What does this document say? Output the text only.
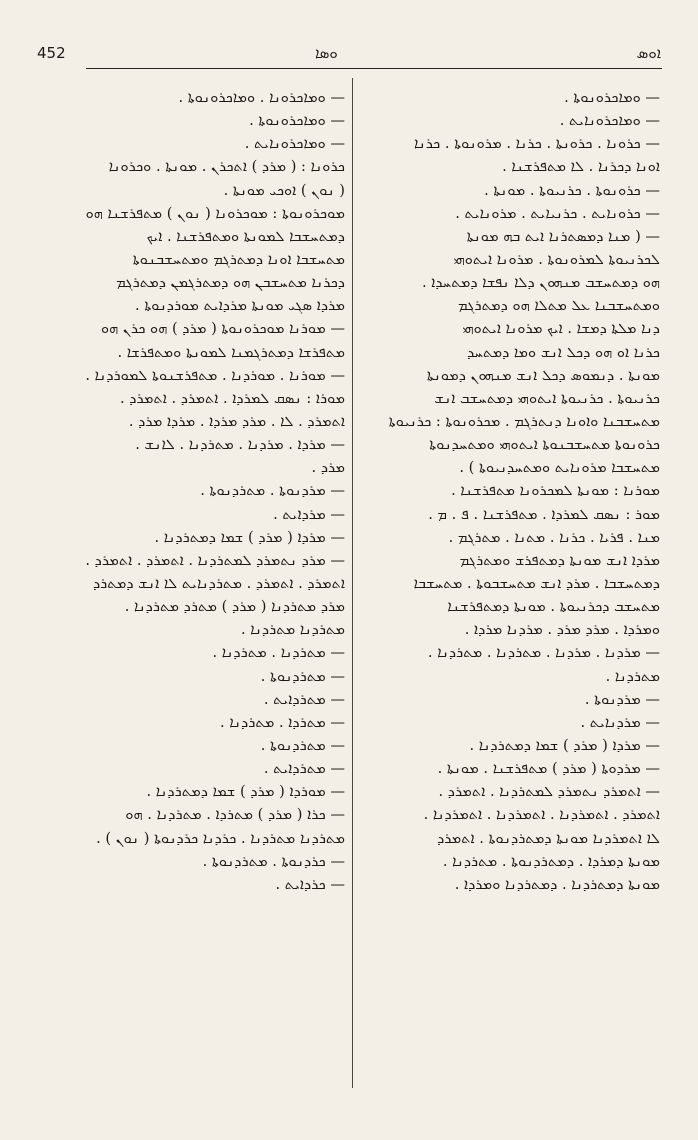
452	ܘܣܐ	ܐܘܣ
— ܘܡܐܟܪܘܢܘܬܐ .
— ܘܡܐܟܪܘܢܐܝܬ .
— ܟܪܘܢܐ . ܟܪܘܢܬܐ . ܟܪܢܐ . ܡܪܘܢܘܬܐ . ܟܪܢܐ
ܐܘܢܐ ܕܟܪܢܐ . ܠܐ ܡܬܦܪܫܢܐ .
— ܟܪܘܢܘܬܐ . ܟܪܢܝܘܬܐ . ܡܘܢܬܐ .
— ܟܪܘܢܐܝܬ . ܟܪܢܝܐܝܬ . ܡܪܘܢܐܝܬ .
— ( ܡܢܐ ܕܡܣܬܪܢܐ ܐܝܬ ܒܗ ܡܘܢܬܐ
ܠܟܪܢܝܘܬܐ ܠܡܪܘܢܘܬܐ . ܡܪܘܢܐ ܐܝܬܘܗܝ
ܗܘ ܕܡܬܚܫܒ ܡܢܗܘܢ ܕܠܐ ܢܦܫܐ ܕܡܬܚܕܐ .
ܘܡܬܚܫܒܢܐ ܥܠ ܡܬܠܐ ܗܘ ܕܡܬܪܓܡ
ܕܢܐ ܡܠܬܐ ܕܡܫܐ . ܐܝܟ ܡܪܘܢܐ ܐܝܬܘܗܝ
ܟܪܢܐ ܐܘ ܗܘ ܕܟܠ ܐܢܫ ܘܡܐ ܕܡܬܚܕ
ܡܘܢܬܐ . ܕܢܡܘܣ ܕܟܠ ܐܢܫ ܡܢܗܘܢ ܕܡܘܢܬܐ
ܟܪܢܝܘܬܐ . ܟܪܢܝܘܬܐ ܐܝܬܘܗܝ ܕܡܬܚܫܒ ܐܢܫ
ܡܬܚܫܒܢܐ ܘܐܘܢܐ ܕܢܬܪܓܡ . ܡܟܪܘܢܘܬܐ : ܟܪܢܝܘܬܐ
ܟܪܘܢܘܬܐ ܡܬܚܫܒܢܘܬܐ ܐܝܬܘܗܝ ܘܡܬܚܕܢܘܬܐ
ܡܬܚܫܒܐ ܡܪܘܢܐܝܬ ܘܡܬܚܕܢܝܘܬܐ ) .
ܡܘܪܢܐ : ܡܘܢܬܐ ܠܡܟܪܘܢܐ ܡܬܦܪܫܢܐ .
ܡܘܪ : ܢܣܩ ܠܡܪܕܐ . ܡܬܦܪܫܢܐ . ܦ . ܡ .
ܡܢܐ . ܦܪܝܐ . ܟܪܢܐ . ܡܬܢܐ . ܡܬܪܓܡ .
ܡܪܕܐ ܐܢܫ ܡܘܢܬܐ ܕܡܬܦܪܫ ܘܡܬܪܓܡ
ܕܡܬܚܫܒܐ . ܡܪܕ ܐܢܫ ܡܬܚܫܒܘܬܐ . ܡܬܚܫܒܐ
ܡܬܚܫܒ ܕܟܪܢܝܘܬܐ . ܡܘܢܬܐ ܕܡܬܦܪܫܢܐ
ܘܡܪܕܐ . ܡܪܕ ܡܪܕ . ܡܪܕܢܐ ܡܪܕܐ .
— ܡܪܕܢܐ . ܡܪܕܢܐ . ܡܬܪܕܢܐ . ܡܬܪܕܢܐ .
ܡܬܪܕܢܐ .
— ܡܪܕܢܘܬܐ .
— ܡܪܕܢܐܝܬ .
— ܡܪܕܐ ( ܡܪܕ ) ܫܡܐ ܕܡܬܪܕܢܐ .
— ܡܪܕܘܬܐ ( ܡܪܕ ) ܡܬܦܪܫܢܐ . ܡܘܢܬܐ .
— ܐܬܡܪܕ ܢܬܡܪܕ ܠܡܬܪܕܢܐ . ܐܬܡܪܕ .
ܐܬܡܪܕ . ܐܬܡܪܕܢܐ . ܐܬܡܪܕܢܐ . ܐܬܡܪܕܢܐ .
ܠܐ ܐܬܡܪܕܢܐ ܡܘܢܬܐ ܕܡܬܪܕܢܘܬܐ . ܐܬܡܪܕ
ܡܘܢܬܐ ܕܡܪܕܐ . ܕܡܬܪܕܢܘܬܐ . ܡܬܪܕܢܐ .
ܡܘܢܬܐ ܕܡܬܪܕܢܐ . ܕܡܬܪܕܢܐ ܘܡܪܕܐ .
— ܘܡܐܟܪܘܢܐ . ܘܡܐܟܪܘܢܘܬܐ .
— ܘܡܐܟܪܘܢܘܬܐ .
— ܘܡܐܟܪܘܢܐܝܬ .
ܟܪܘܢܐ : ( ܡܪܕ ) ܐܬܟܪܢ . ܡܘܢܬܐ . ܘܟܪܘܢܐ
( ܢܘܢ ) ܐܘܟܝ ܡܘܢܬܐ .
ܡܘܟܪܘܢܘܬܐ : ܡܘܟܪܘܢܐ ( ܢܘܢ ) ܡܬܦܪܫܢܐ ܗܘ
ܕܡܬܚܫܒܐ ܠܡܘܢܬܐ ܘܡܬܦܪܫܢܐ . ܐܝܟ
ܡܬܚܫܒܐ ܐܘܢܐ ܕܡܬܪܓܡ ܘܡܬܚܫܒܢܘܬܐ
ܕܟܪܢܐ ܡܬܚܫܒܢ ܗܘ ܕܡܬܪܓܡܢ ܕܡܬܪܓܡ
ܡܪܕܐ ܣܓܝ ܡܘܢܬܐ ܡܪܕܐܝܬ ܡܘܪܕܢܘܬܐ .
— ܡܘܪܢܐ ܡܘܟܪܘܢܘܬܐ ( ܡܪܕ ) ܗܘ ܟܪܢ ܗܘ
ܡܬܦܪܫܐ ܕܡܬܪܓܡܢܐ ܠܡܘܢܬܐ ܘܡܬܦܪܫܐ .
— ܡܘܪܢܐ . ܡܘܪܕܢܐ . ܡܬܦܪܫܢܘܬܐ ܠܡܘܪܕܢܐ .
ܡܘܪܐ : ܢܣܩ ܠܡܪܕܐ . ܐܬܡܪܕ . ܐܬܡܪܕ .
ܐܬܡܪܕ . ܠܐ . ܡܪܕ ܡܪܕܐ . ܡܪܕܐ ܡܪܕ .
— ܡܪܕܐ . ܡܪܕܢܐ . ܡܬܪܕܢܐ . ܠܐܢܫ .
ܡܪܕ .
— ܡܪܕܢܘܬܐ . ܡܬܪܕܢܘܬܐ .
— ܡܪܕܐܝܬ .
— ܡܪܕܐ ( ܡܪܕ ) ܫܡܐ ܕܡܬܪܕܢܐ .
— ܡܪܕ ܢܬܡܪܕ ܠܡܬܪܕܢܐ . ܐܬܡܪܕ . ܐܬܡܪܕ .
ܐܬܡܪܕ . ܐܬܡܪܕ . ܡܬܪܕܢܐܝܬ ܠܐ ܐܢܫ ܕܡܬܪܕ
ܡܪܕ ܡܬܪܕܢܐ ( ܡܪܕ ) ܡܬܪܕ ܡܬܪܕܢܐ .
ܡܬܪܕܢܐ ܡܬܪܕܢܐ .
— ܡܬܪܕܢܐ . ܡܬܪܕܢܐ .
— ܡܬܪܕܢܘܬܐ .
— ܡܬܪܕܐܝܬ .
— ܡܬܪܕܐ . ܡܬܪܕܢܐ .
— ܡܬܪܕܢܘܬܐ .
— ܡܬܪܕܐܝܬ .
— ܡܘܪܕܐ ( ܡܪܕ ) ܫܡܐ ܕܡܬܪܕܢܐ .
— ܟܪܐ ( ܡܪܕ ) ܡܬܪܕܐ . ܡܬܪܕܢܐ . ܗܘ
ܡܬܪܕܢܐ ܡܬܪܕܢܐ . ܟܪܕܢܐ ܟܪܕܢܘܬܐ ( ܢܘܢ ) .
— ܟܪܕܢܘܬܐ . ܡܬܪܕܢܘܬܐ .
— ܟܪܕܐܝܬ .
